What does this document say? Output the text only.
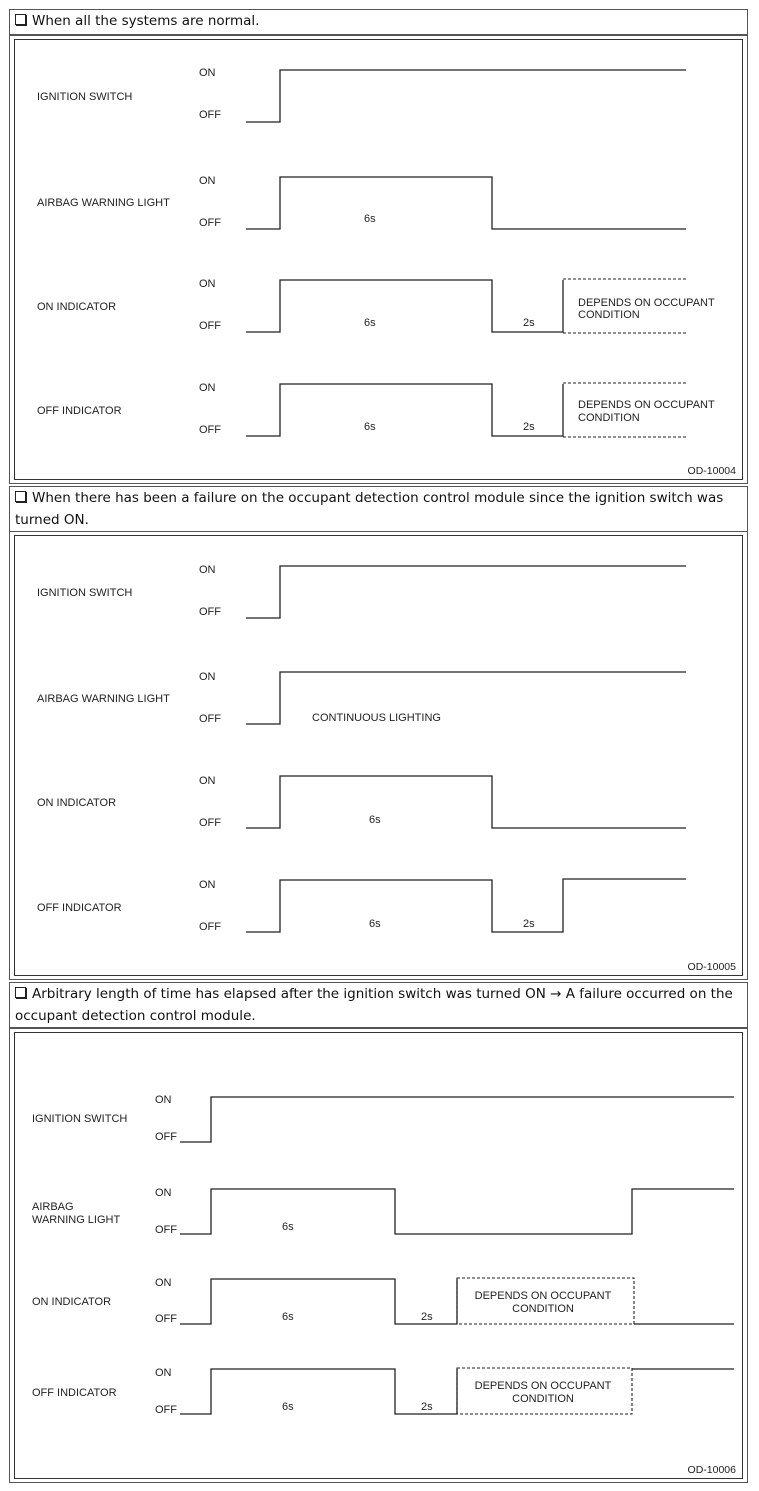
When all the systems are normal.
IGNITION SWITCH
ON
OFF
AIRBAG WARNING LIGHT
ON
OFF	6s
ON INDICATOR
ON
OFF	6s	2s
DEPENDS ON OCCUPANT
CONDITION
OFF INDICATOR
ON
OFF	6s	2s
DEPENDS ON OCCUPANT
CONDITION
OD-10004
When there has been a failure on the occupant detection control module since the ignition switch was turned ON.
IGNITION SWITCH
ON
OFF
AIRBAG WARNING LIGHT
ON
OFF	CONTINUOUS LIGHTING
ON INDICATOR
ON
OFF	6s
OFF INDICATOR
ON
OFF	6s	2s
OD-10005
Arbitrary length of time has elapsed after the ignition switch was turned ON → A failure occurred on the occupant detection control module.
IGNITION SWITCH
ON
OFF
AIRBAG
WARNING LIGHT
ON
OFF	6s
ON INDICATOR
ON
OFF	6s	2s
DEPENDS ON OCCUPANT
CONDITION
OFF INDICATOR
ON
OFF	6s	2s
DEPENDS ON OCCUPANT
CONDITION
OD-10006
